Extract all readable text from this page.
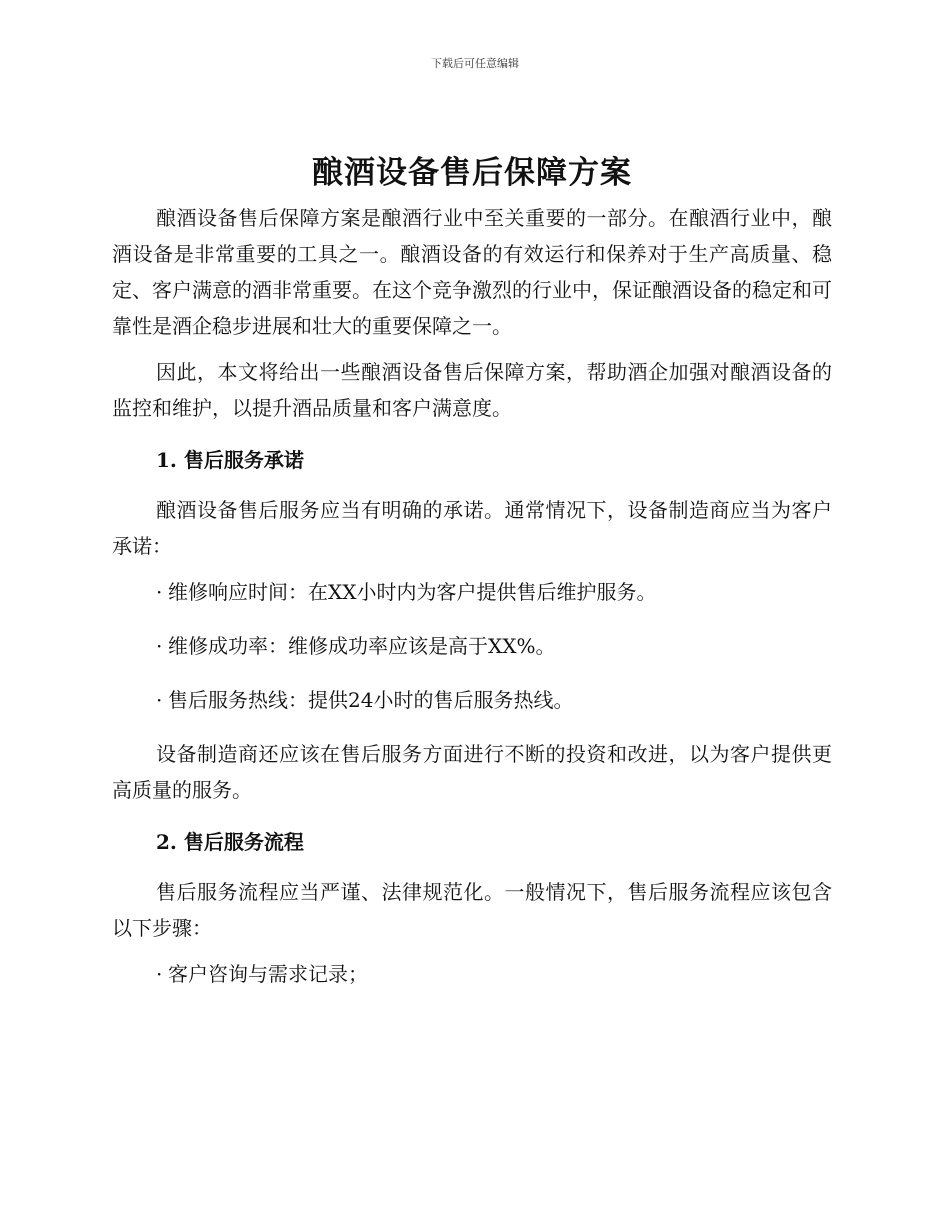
下载后可任意编辑
酿酒设备售后保障方案

酿酒设备售后保障方案是酿酒行业中至关重要的一部分。在酿酒行业中，酿酒设备是非常重要的工具之一。酿酒设备的有效运行和保养对于生产高质量、稳定、客户满意的酒非常重要。在这个竞争激烈的行业中，保证酿酒设备的稳定和可靠性是酒企稳步进展和壮大的重要保障之一。

因此，本文将给出一些酿酒设备售后保障方案，帮助酒企加强对酿酒设备的监控和维护，以提升酒品质量和客户满意度。

1. 售后服务承诺

酿酒设备售后服务应当有明确的承诺。通常情况下，设备制造商应当为客户承诺：

· 维修响应时间：在XX小时内为客户提供售后维护服务。
· 维修成功率：维修成功率应该是高于XX%。
· 售后服务热线：提供24小时的售后服务热线。

设备制造商还应该在售后服务方面进行不断的投资和改进，以为客户提供更高质量的服务。

2. 售后服务流程

售后服务流程应当严谨、法律规范化。一般情况下，售后服务流程应该包含以下步骤：

· 客户咨询与需求记录；
